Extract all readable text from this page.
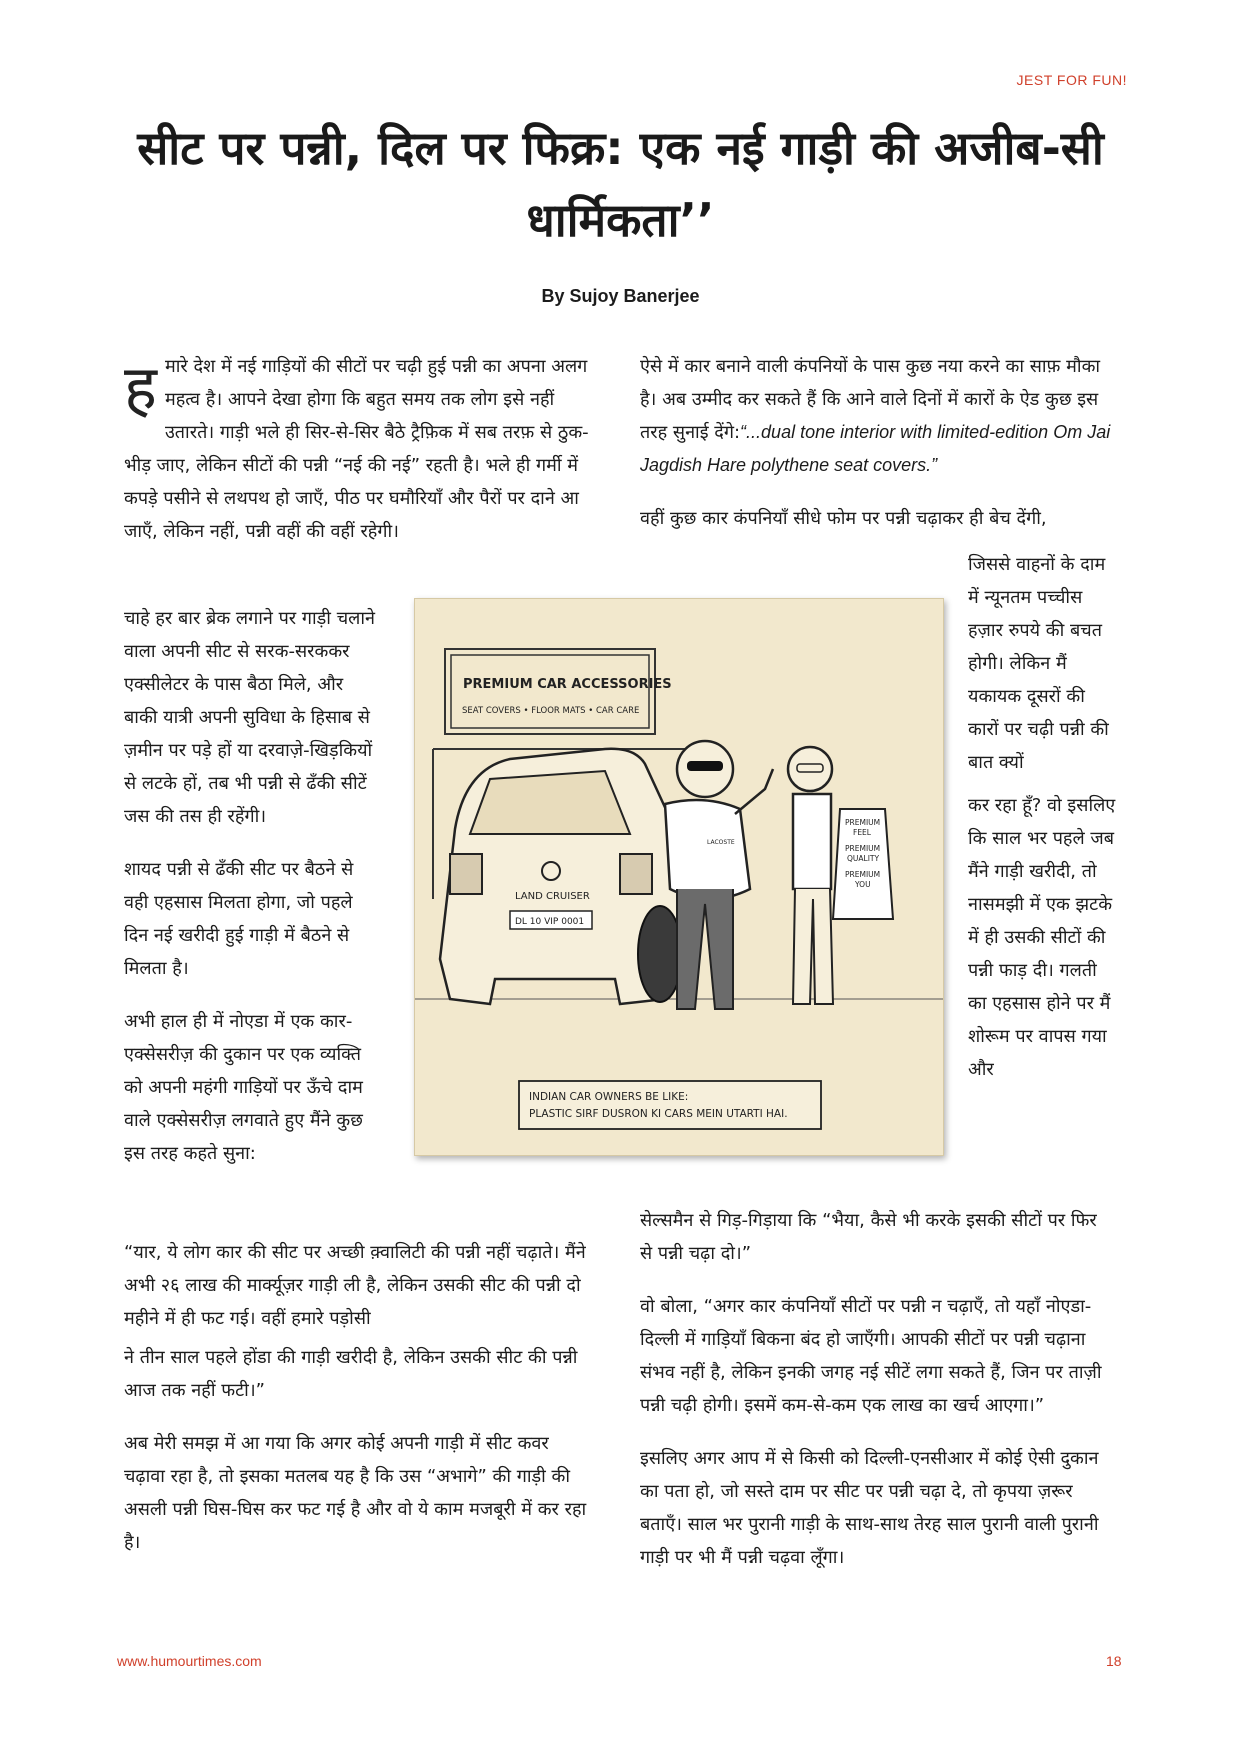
JEST FOR FUN!
सीट पर पन्नी, दिल पर फिक्र: एक नई गाड़ी की अजीब-सी धार्मिकता’’
By Sujoy Banerjee

ह मारे देश में नई गाड़ियों की सीटों पर चढ़ी हुई पन्नी का अपना अलग महत्व है। आपने देखा होगा कि बहुत समय तक लोग इसे नहीं उतारते। गाड़ी भले ही सिर-से-सिर बैठे ट्रैफ़िक में सब तरफ़ से ठुक-भीड़ जाए, लेकिन सीटों की पन्नी “नई की नई” रहती है। भले ही गर्मी में कपड़े पसीने से लथपथ हो जाएँ, पीठ पर घमौरियाँ और पैरों पर दाने आ जाएँ, लेकिन नहीं, पन्नी वहीं की वहीं रहेगी।

चाहे हर बार ब्रेक लगाने पर गाड़ी चलाने वाला अपनी सीट से सरक-सरककर एक्सीलेटर के पास बैठा मिले, और बाकी यात्री अपनी सुविधा के हिसाब से ज़मीन पर पड़े हों या दरवाज़े-खिड़कियों से लटके हों, तब भी पन्नी से ढँकी सीटें जस की तस ही रहेंगी।

शायद पन्नी से ढँकी सीट पर बैठने से वही एहसास मिलता होगा, जो पहले दिन नई खरीदी हुई गाड़ी में बैठने से मिलता है।

अभी हाल ही में नोएडा में एक कार-एक्सेसरीज़ की दुकान पर एक व्यक्ति को अपनी महंगी गाड़ियों पर ऊँचे दाम वाले एक्सेसरीज़ लगवाते हुए मैंने कुछ इस तरह कहते सुना:

“यार, ये लोग कार की सीट पर अच्छी क़्वालिटी की पन्नी नहीं चढ़ाते। मैंने अभी २६ लाख की मार्क्यूज़र गाड़ी ली है, लेकिन उसकी सीट की पन्नी दो महीने में ही फट गई। वहीं हमारे पड़ोसी

ने तीन साल पहले होंडा की गाड़ी खरीदी है, लेकिन उसकी सीट की पन्नी आज तक नहीं फटी।”

अब मेरी समझ में आ गया कि अगर कोई अपनी गाड़ी में सीट कवर चढ़ावा रहा है, तो इसका मतलब यह है कि उस “अभागे” की गाड़ी की असली पन्नी घिस-घिस कर फट गई है और वो ये काम मजबूरी में कर रहा है।

ऐसे में कार बनाने वाली कंपनियों के पास कुछ नया करने का साफ़ मौका है। अब उम्मीद कर सकते हैं कि आने वाले दिनों में कारों के ऐड कुछ इस तरह सुनाई देंगे:“...dual tone interior with limited-edition Om Jai Jagdish Hare polythene seat covers.”

वहीं कुछ कार कंपनियाँ सीधे फोम पर पन्नी चढ़ाकर ही बेच देंगी,

जिससे वाहनों के दाम में न्यूनतम पच्चीस हज़ार रुपये की बचत होगी। लेकिन मैं यकायक दूसरों की कारों पर चढ़ी पन्नी की बात क्यों

कर रहा हूँ? वो इसलिए कि साल भर पहले जब मैंने गाड़ी खरीदी, तो नासमझी में एक झटके में ही उसकी सीटों की पन्नी फाड़ दी। गलती का एहसास होने पर मैं शोरूम पर वापस गया और

सेल्समैन से गिड़-गिड़ाया कि “भैया, कैसे भी करके इसकी सीटों पर फिर से पन्नी चढ़ा दो।”

वो बोला, “अगर कार कंपनियाँ सीटों पर पन्नी न चढ़ाएँ, तो यहाँ नोएडा-दिल्ली में गाड़ियाँ बिकना बंद हो जाएँगी। आपकी सीटों पर पन्नी चढ़ाना संभव नहीं है, लेकिन इनकी जगह नई सीटें लगा सकते हैं, जिन पर ताज़ी पन्नी चढ़ी होगी। इसमें कम-से-कम एक लाख का खर्च आएगा।”

इसलिए अगर आप में से किसी को दिल्ली-एनसीआर में कोई ऐसी दुकान का पता हो, जो सस्ते दाम पर सीट पर पन्नी चढ़ा दे, तो कृपया ज़रूर बताएँ। साल भर पुरानी गाड़ी के साथ-साथ तेरह साल पुरानी वाली पुरानी गाड़ी पर भी मैं पन्नी चढ़वा लूँगा।

PREMIUM CAR ACCESSORIES
SEAT COVERS • FLOOR MATS • CAR CARE
LAND CRUISER
DL 10 VIP 0001
LACOSTE
PREMIUM
FEEL
PREMIUM
QUALITY
PREMIUM
YOU
INDIAN CAR OWNERS BE LIKE:
PLASTIC SIRF DUSRON KI CARS MEIN UTARTI HAI.
www.humourtimes.com	18
